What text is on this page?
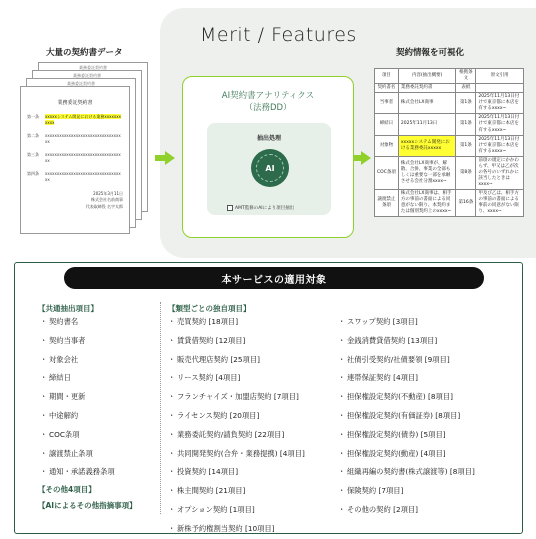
Merit / Features
大量の契約書データ	契約情報を可視化
業務委託契約書
業務委託契約書
業務委託契約書
業務委託契約書
第一条	xxxxxシステム開発における業務xxxxxxxxxxx
第二条	xxxxxxxxxxxxxxxxxxxxxxxxxxxxxxxxxx
第三条	xxxxxxxxxxxxxxxxxxxxxxxxxxxxxxxxxx
第四条	xxxxxxxxxxxxxxxxxxxxxxxxxxxxxxxxxx
2025年3月11日
株式会社名前商事
代表取締役 名字太郎
AI契約書アナリティクス
（法務DD）
抽出処理
AI
AMT監修のAIにより項目抽出
項目	内容(抽出概要)	根拠条文	原文引用
契約書名	業務委託契約書	表紙	
当事者	株式会社LX商事	第1条	2025年11月13日付けで東京都に本店を有するxxxx~
締結日	2025年11月13日	第1条	2025年11月13日付けで東京都に本店を有するxxxx~
対象物	xxxxxシステム開発における業務委託xxxxx	第1条	2025年11月13日付けで東京都に本店を有するxxxx~
COC条項	株式会社LX商事が、解散、合併、事業の全部もしくは重要な一部を承継させる会社分割xxxx~	第8条	前項の規定にかかわらず、甲又は乙が次の各号のいずれかに該当したときはxxxx~
譲渡禁止条項	株式会社LX商事は、相手方の事前の書面による同意がない限り、本契約または個別契約上のxxxx~	第16条	甲及び乙は、相手方の事前の書面による事前の同意がない限り、xxxx~
本サービスの適用対象
【共通抽出項目】
・ 契約書名
・ 契約当事者
・ 対象会社
・ 締結日
・ 期間・更新
・ 中途解約
・ COC条項
・ 譲渡禁止条項
・ 通知・承諾義務条項
【その他4項目】
【AIによるその他指摘事項】
【類型ごとの独自項目】
・ 売買契約 [18項目]
・ 賃貸借契約 [12項目]
・ 販売代理店契約 [25項目]
・ リース契約 [4項目]
・ フランチャイズ・加盟店契約 [7項目]
・ ライセンス契約 [20項目]
・ 業務委託契約/請負契約 [22項目]
・ 共同開発契約(合弁・業務提携) [4項目]
・ 投資契約 [14項目]
・ 株主間契約 [21項目]
・ オプション契約 [1項目]
・ 新株予約権割当契約 [10項目]
・ スワップ契約 [3項目]
・ 金銭消費貸借契約 [13項目]
・ 社債引受契約/社債要領 [9項目]
・ 連帯保証契約 [4項目]
・ 担保権設定契約(不動産) [8項目]
・ 担保権設定契約(有価証券) [8項目]
・ 担保権設定契約(債券) [5項目]
・ 担保権設定契約(動産) [4項目]
・ 組織再編の契約書(株式譲渡等) [8項目]
・ 保険契約 [7項目]
・ その他の契約 [2項目]
